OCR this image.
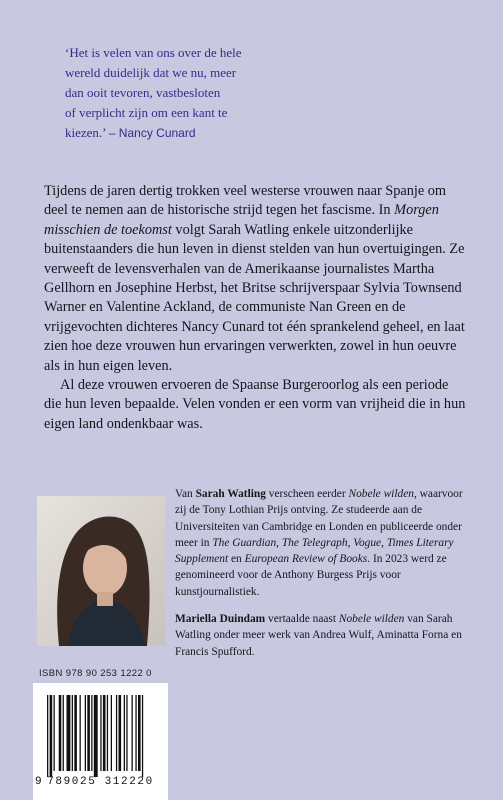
‘Het is velen van ons over de hele

wereld duidelijk dat we nu, meer

dan ooit tevoren, vastbesloten

of verplicht zijn om een kant te

kiezen.’ – Nancy Cunard

Tijdens de jaren dertig trokken veel westerse vrouwen naar Spanje om deel te nemen aan de historische strijd tegen het fascisme. In Morgen misschien de toekomst volgt Sarah Watling enkele uitzonderlijke buitenstaanders die hun leven in dienst stelden van hun overtuigingen. Ze verweeft de levensverhalen van de Amerikaanse journalistes Martha Gellhorn en Josephine Herbst, het Britse schrijverspaar Sylvia Townsend Warner en Valentine Ackland, de communiste Nan Green en de vrijgevochten dichteres Nancy Cunard tot één sprankelend geheel, en laat zien hoe deze vrouwen hun ervaringen verwerkten, zowel in hun oeuvre als in hun eigen leven.

Al deze vrouwen ervoeren de Spaanse Burgeroorlog als een periode die hun leven bepaalde. Velen vonden er een vorm van vrijheid die in hun eigen land ondenkbaar was.

Van Sarah Watling verscheen eerder Nobele wilden, waarvoor zij de Tony Lothian Prijs ontving. Ze studeerde aan de Universiteiten van Cambridge en Londen en publiceerde onder meer in The Guardian, The Telegraph, Vogue, Times Literary Supplement en European Review of Books. In 2023 werd ze genomineerd voor de Anthony Burgess Prijs voor kunstjournalistiek.

Mariella Duindam vertaalde naast Nobele wilden van Sarah Watling onder meer werk van Andrea Wulf, Aminatta Forna en Francis Spufford.

ISBN 978 90 253 1222 0
9 789025 312220
